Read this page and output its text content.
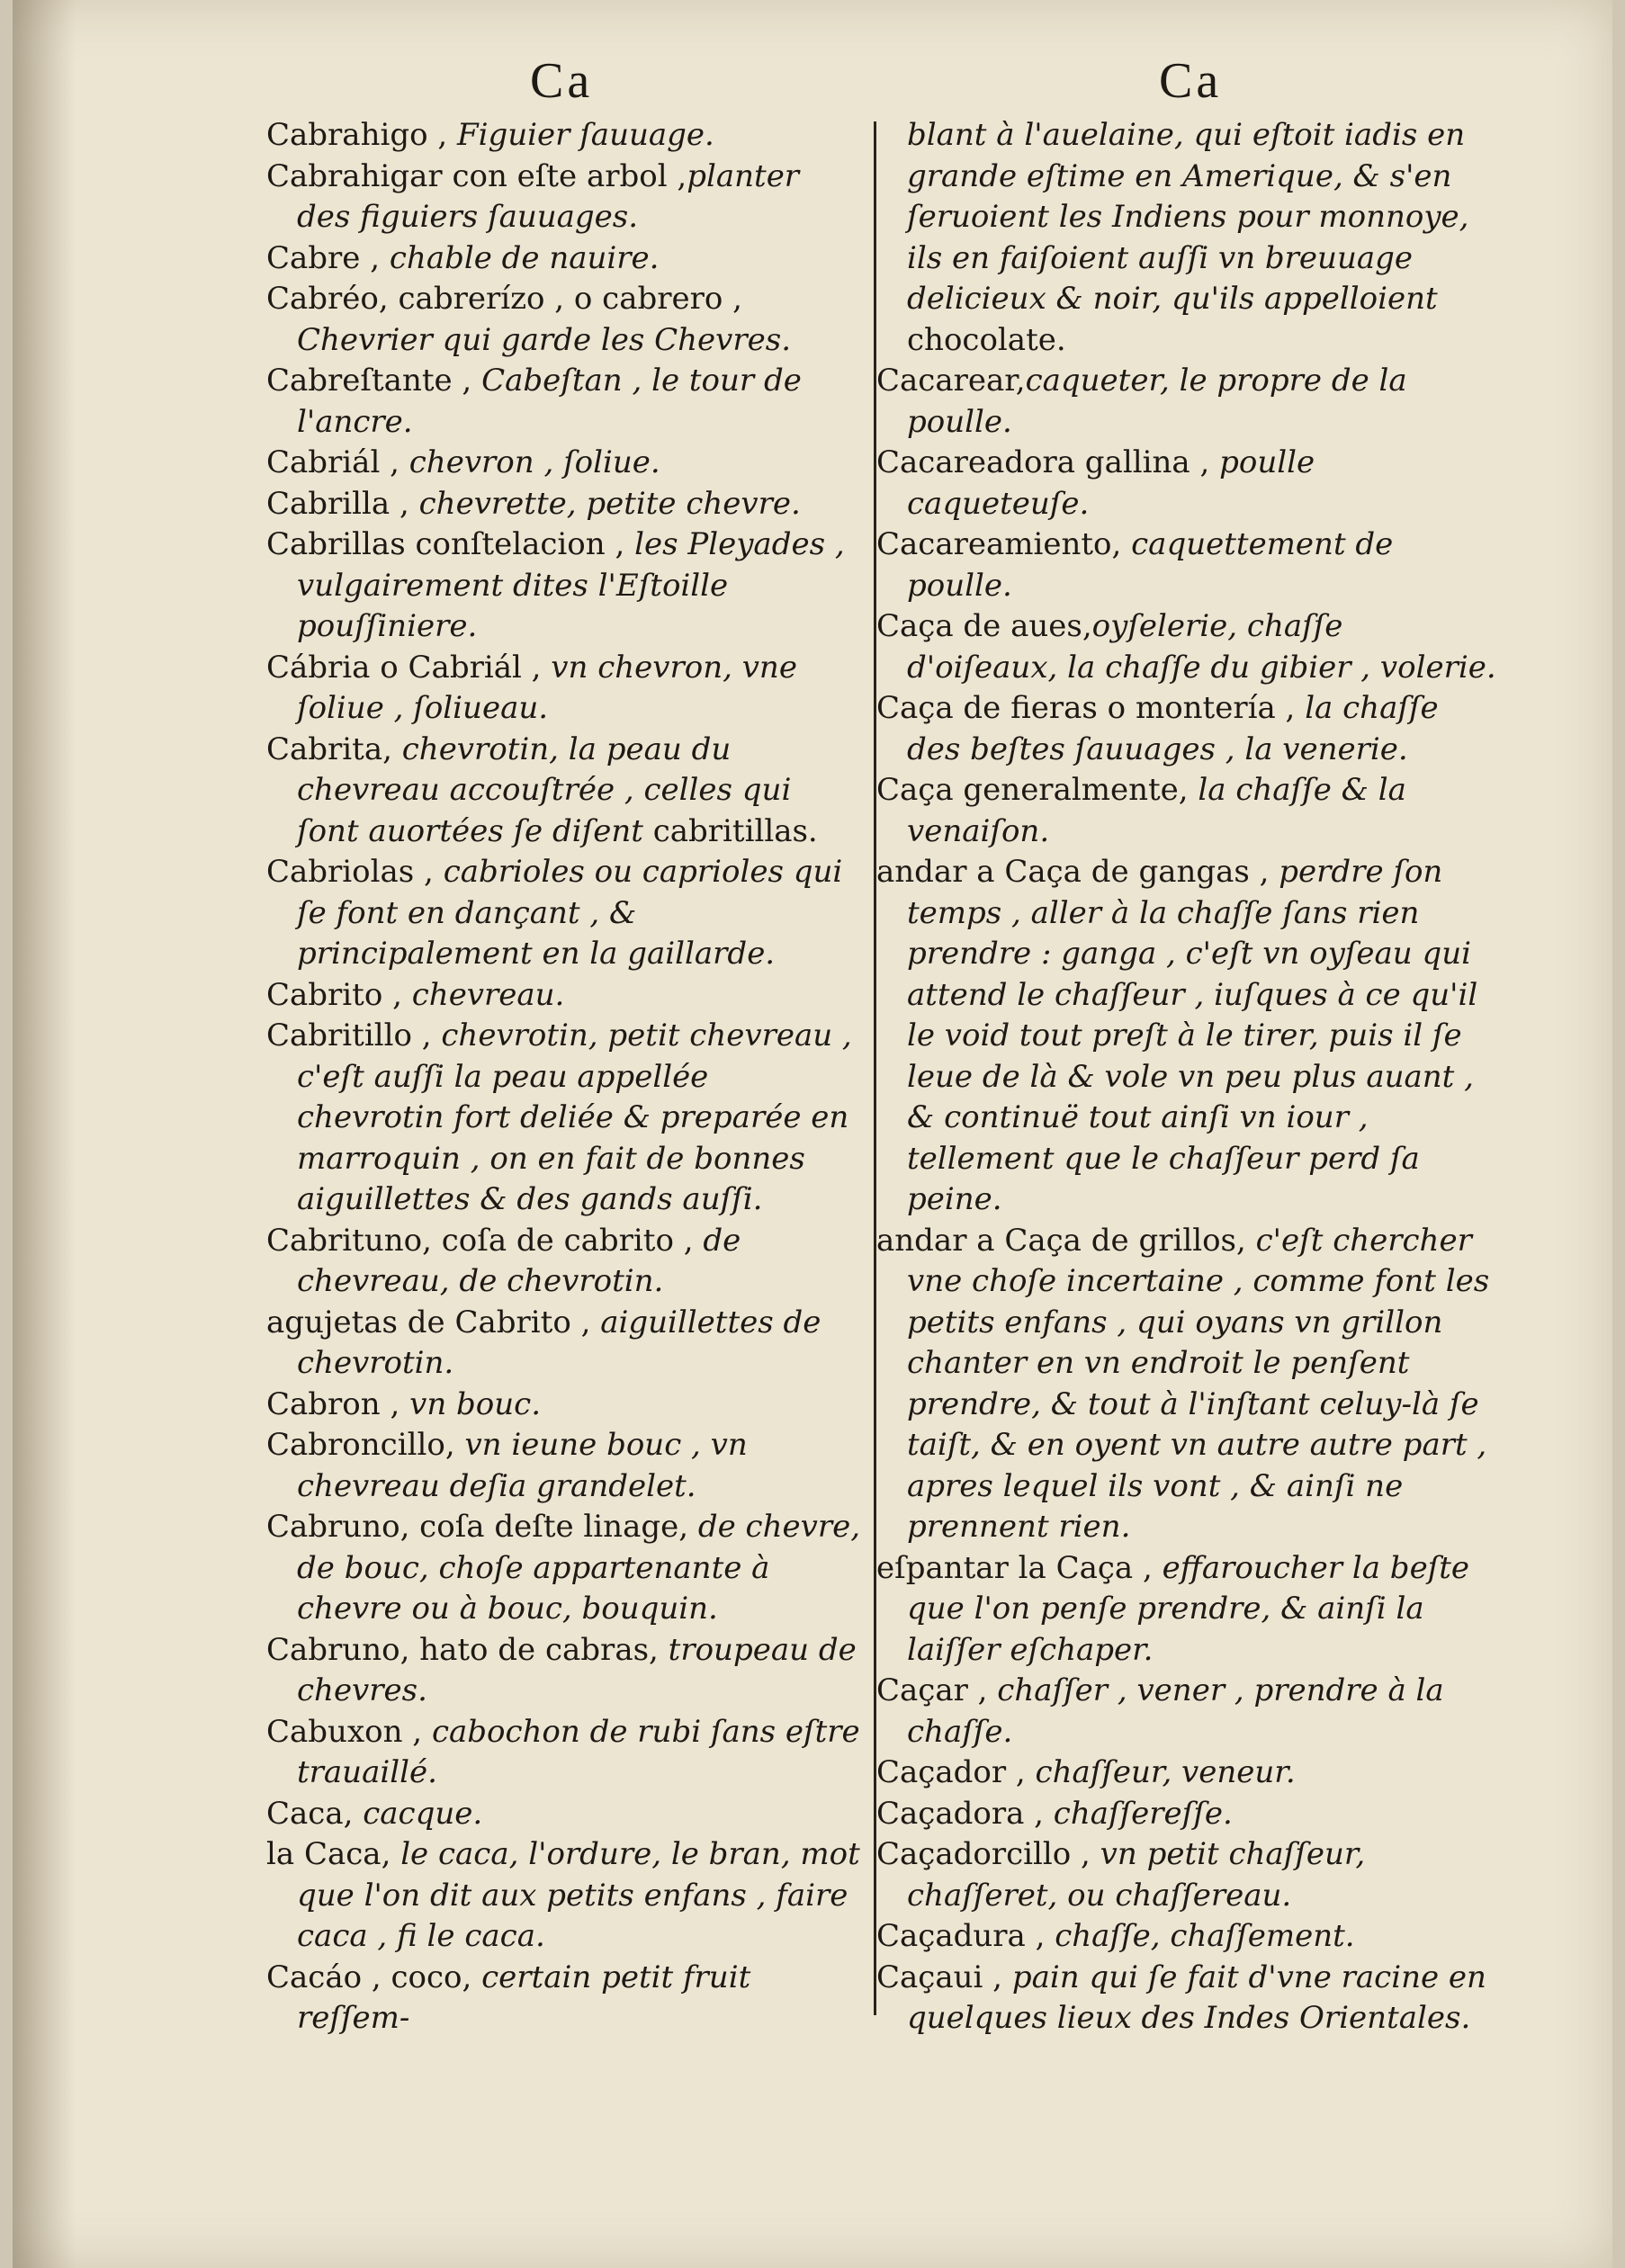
Ca	Ca

Cabrahigo , Figuier ſauuage.

Cabrahigar con eſte arbol ,planter des figuiers ſauuages.

Cabre , chable de nauire.

Cabréo, cabrerízo , o cabrero , Chevrier qui garde les Chevres.

Cabreſtante , Cabeſtan , le tour de l'ancre.

Cabriál , chevron , ſoliue.

Cabrilla , chevrette, petite chevre.

Cabrillas conſtelacion , les Pleyades , vulgairement dites l'Eſtoille pouſſiniere.

Cábria o Cabriál , vn chevron, vne ſoliue , ſoliueau.

Cabrita, chevrotin, la peau du chevreau accouſtrée , celles qui ſont auortées ſe diſent cabritillas.

Cabriolas , cabrioles ou caprioles qui ſe font en dançant , & principalement en la gaillarde.

Cabrito , chevreau.

Cabritillo , chevrotin, petit chevreau , c'eſt auſſi la peau appellée chevrotin fort deliée & preparée en marroquin , on en fait de bonnes aiguillettes & des gands auſſi.

Cabrituno, coſa de cabrito , de chevreau, de chevrotin.

agujetas de Cabrito , aiguillettes de chevrotin.

Cabron , vn bouc.

Cabroncillo, vn ieune bouc , vn chevreau deſia grandelet.

Cabruno, coſa deſte linage, de chevre, de bouc, choſe appartenante à chevre ou à bouc, bouquin.

Cabruno, hato de cabras, troupeau de chevres.

Cabuxon , cabochon de rubi ſans eſtre trauaillé.

Caca, cacque.

la Caca, le caca, l'ordure, le bran, mot que l'on dit aux petits enfans , faire caca , fi le caca.

Cacáo , coco, certain petit fruit reſſem-

blant à l'auelaine, qui eſtoit iadis en grande eſtime en Amerique, & s'en ſeruoient les Indiens pour monnoye, ils en faiſoient auſſi vn breuuage delicieux & noir, qu'ils appelloient chocolate.

Cacarear,caqueter, le propre de la poulle.

Cacareadora gallina , poulle caqueteuſe.

Cacareamiento, caquettement de poulle.

Caça de aues,oyſelerie, chaſſe d'oiſeaux, la chaſſe du gibier , volerie.

Caça de fieras o montería , la chaſſe des beſtes ſauuages , la venerie.

Caça generalmente, la chaſſe & la venaiſon.

andar a Caça de gangas , perdre ſon temps , aller à la chaſſe ſans rien prendre : ganga , c'eſt vn oyſeau qui attend le chaſſeur , iuſques à ce qu'il le void tout preſt à le tirer, puis il ſe leue de là & vole vn peu plus auant , & continuë tout ainſi vn iour , tellement que le chaſſeur perd ſa peine.

andar a Caça de grillos, c'eſt chercher vne choſe incertaine , comme font les petits enfans , qui oyans vn grillon chanter en vn endroit le penſent prendre, & tout à l'inſtant celuy-là ſe taiſt, & en oyent vn autre autre part , apres lequel ils vont , & ainſi ne prennent rien.

eſpantar la Caça , effaroucher la beſte que l'on penſe prendre, & ainſi la laiſſer eſchaper.

Caçar , chaſſer , vener , prendre à la chaſſe.

Caçador , chaſſeur, veneur.

Caçadora , chaſſereſſe.

Caçadorcillo , vn petit chaſſeur, chaſſeret, ou chaſſereau.

Caçadura , chaſſe, chaſſement.

Caçaui , pain qui ſe fait d'vne racine en quelques lieux des Indes Orientales.
